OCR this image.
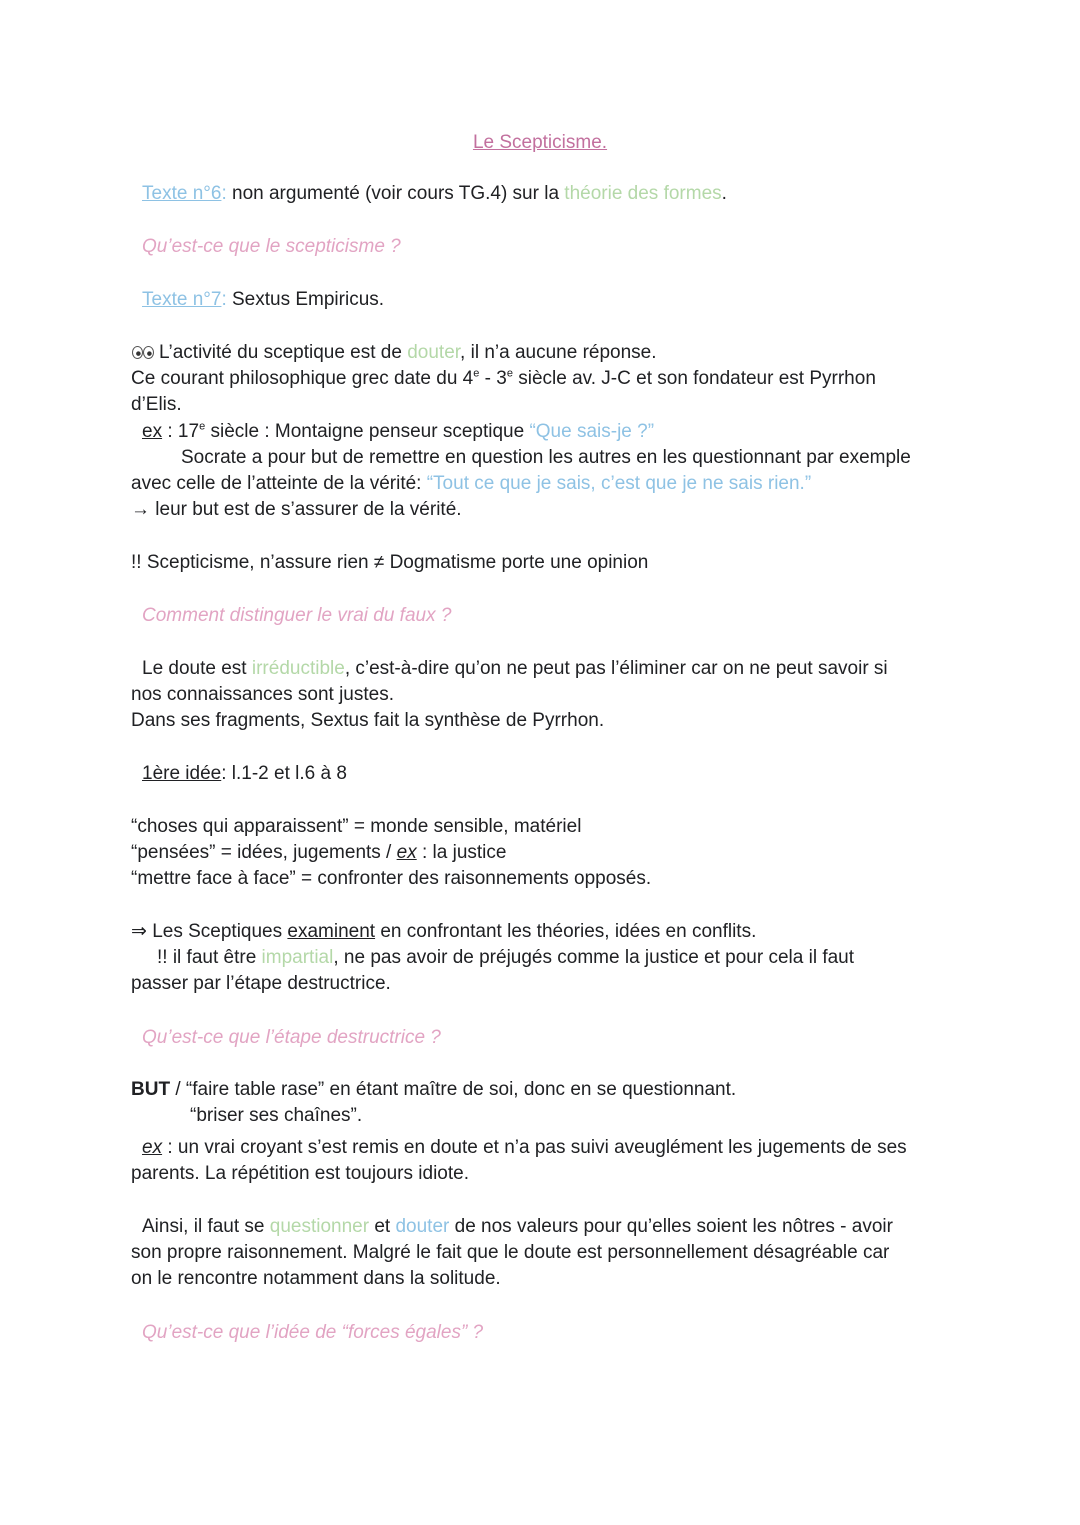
Le Scepticisme.
Texte n°6: non argumenté (voir cours TG.4) sur la théorie des formes.
Qu’est-ce que le scepticisme ?
Texte n°7: Sextus Empiricus.
L’activité du sceptique est de douter, il n’a aucune réponse.
Ce courant philosophique grec date du 4e - 3e siècle av. J-C et son fondateur est Pyrrhon
d’Elis.
ex : 17e siècle : Montaigne penseur sceptique “Que sais-je ?”
Socrate a pour but de remettre en question les autres en les questionnant par exemple
avec celle de l’atteinte de la vérité: “Tout ce que je sais, c’est que je ne sais rien.”
→ leur but est de s’assurer de la vérité.
!! Scepticisme, n’assure rien ≠ Dogmatisme porte une opinion
Comment distinguer le vrai du faux ?
Le doute est irréductible, c’est-à-dire qu’on ne peut pas l’éliminer car on ne peut savoir si
nos connaissances sont justes.
Dans ses fragments, Sextus fait la synthèse de Pyrrhon.
1ère idée: l.1-2 et l.6 à 8
“choses qui apparaissent” = monde sensible, matériel
“pensées” = idées, jugements / ex : la justice
“mettre face à face” = confronter des raisonnements opposés.
⇒ Les Sceptiques examinent en confrontant les théories, idées en conflits.
!! il faut être impartial, ne pas avoir de préjugés comme la justice et pour cela il faut
passer par l’étape destructrice.
Qu’est-ce que l’étape destructrice ?
BUT / “faire table rase” en étant maître de soi, donc en se questionnant.
“briser ses chaînes”.
ex : un vrai croyant s’est remis en doute et n’a pas suivi aveuglément les jugements de ses
parents. La répétition est toujours idiote.
Ainsi, il faut se questionner et douter de nos valeurs pour qu’elles soient les nôtres - avoir
son propre raisonnement. Malgré le fait que le doute est personnellement désagréable car
on le rencontre notamment dans la solitude.
Qu’est-ce que l’idée de “forces égales” ?
